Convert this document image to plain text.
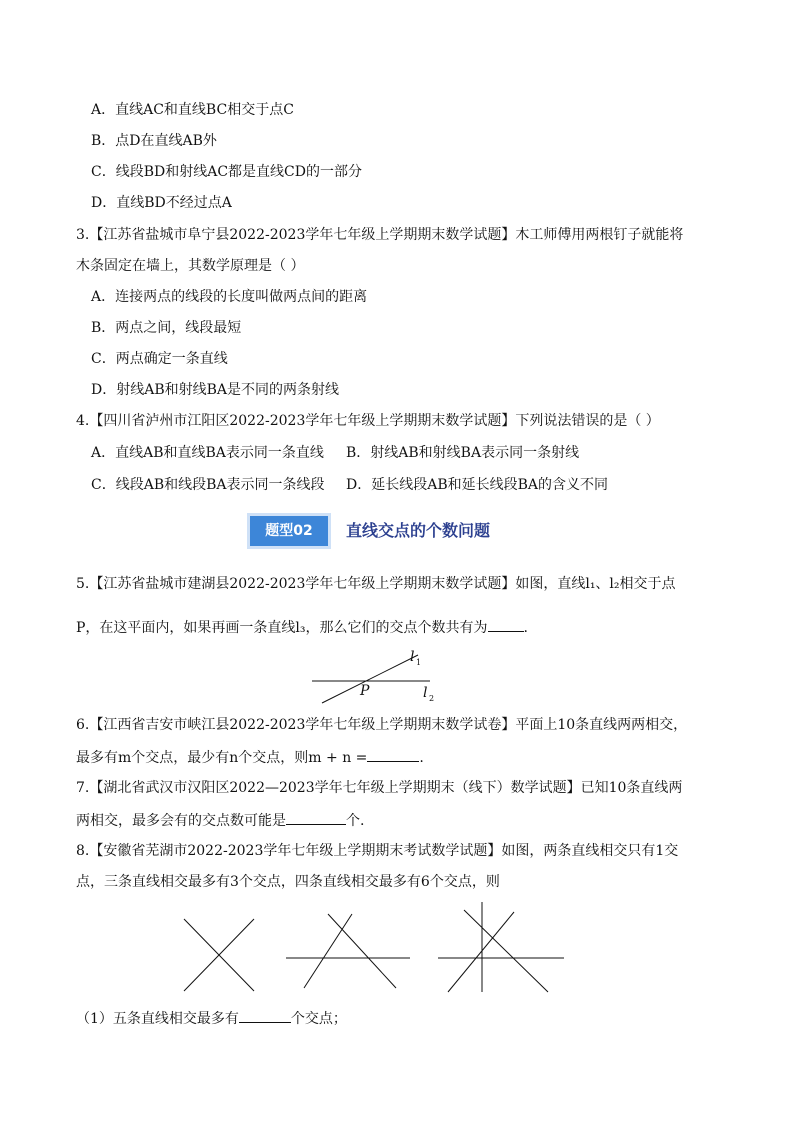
A．直线AC和直线BC相交于点C
B．点D在直线AB外
C．线段BD和射线AC都是直线CD的一部分
D．直线BD不经过点A
3.【江苏省盐城市阜宁县2022-2023学年七年级上学期期末数学试题】木工师傅用两根钉子就能将
木条固定在墙上，其数学原理是（ ）
A．连接两点的线段的长度叫做两点间的距离
B．两点之间，线段最短
C．两点确定一条直线
D．射线AB和射线BA是不同的两条射线
4.【四川省泸州市江阳区2022-2023学年七年级上学期期末数学试题】下列说法错误的是（ ）
A．直线AB和直线BA表示同一条直线 B．射线AB和射线BA表示同一条射线
C．线段AB和线段BA表示同一条线段 D．延长线段AB和延长线段BA的含义不同
题型02	直线交点的个数问题
5.【江苏省盐城市建湖县2022-2023学年七年级上学期期末数学试题】如图，直线l₁、l₂相交于点
P，在这平面内，如果再画一条直线l₃，那么它们的交点个数共有为	.
l 1
l 2
P
6.【江西省吉安市峡江县2022-2023学年七年级上学期期末数学试卷】平面上10条直线两两相交，
最多有m个交点，最少有n个交点，则m + n =	.
7.【湖北省武汉市汉阳区2022—2023学年七年级上学期期末（线下）数学试题】已知10条直线两
两相交，最多会有的交点数可能是	个.
8.【安徽省芜湖市2022-2023学年七年级上学期期末考试数学试题】如图，两条直线相交只有1交
点，三条直线相交最多有3个交点，四条直线相交最多有6个交点，则
（1）五条直线相交最多有	个交点；
